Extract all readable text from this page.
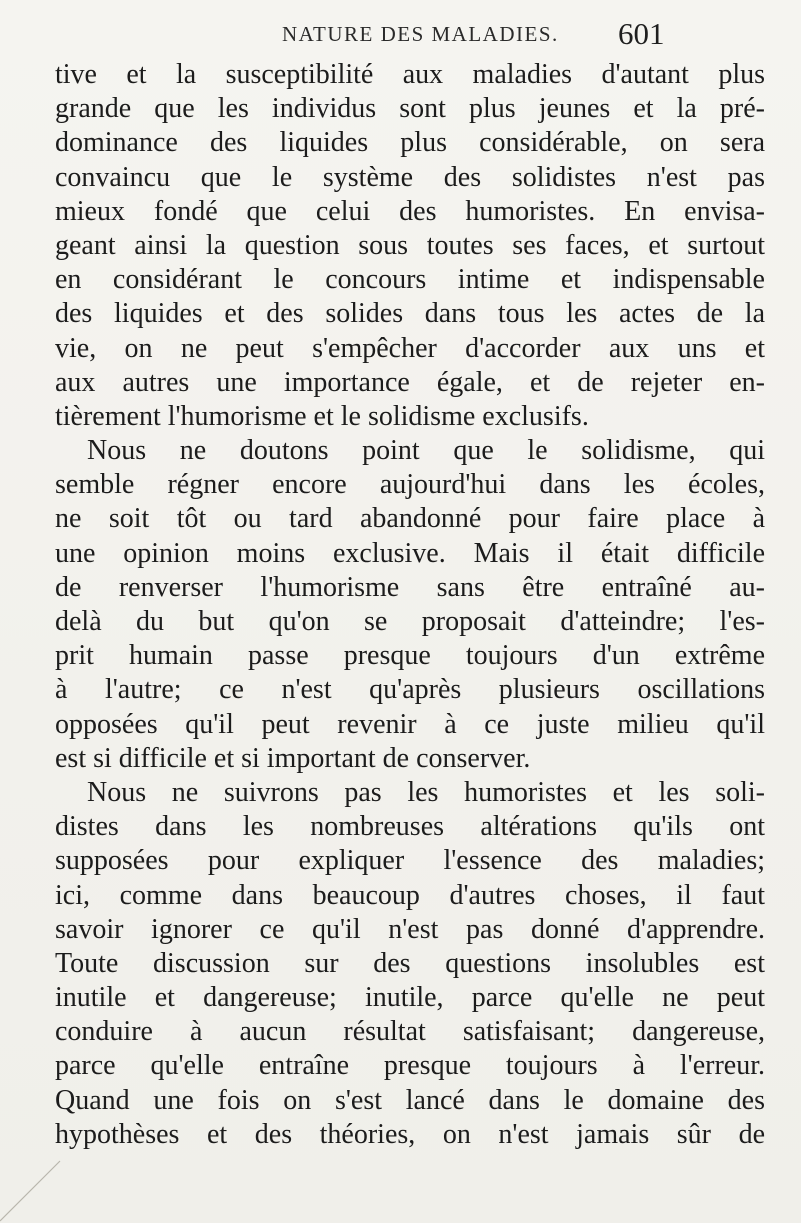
NATURE DES MALADIES. 601
tive et la susceptibilité aux maladies d'autant plus
grande que les individus sont plus jeunes et la pré-
dominance des liquides plus considérable, on sera
convaincu que le système des solidistes n'est pas
mieux fondé que celui des humoristes. En envisa-
geant ainsi la question sous toutes ses faces, et surtout
en considérant le concours intime et indispensable
des liquides et des solides dans tous les actes de la
vie, on ne peut s'empêcher d'accorder aux uns et
aux autres une importance égale, et de rejeter en-
tièrement l'humorisme et le solidisme exclusifs.
Nous ne doutons point que le solidisme, qui
semble régner encore aujourd'hui dans les écoles,
ne soit tôt ou tard abandonné pour faire place à
une opinion moins exclusive. Mais il était difficile
de renverser l'humorisme sans être entraîné au-
delà du but qu'on se proposait d'atteindre; l'es-
prit humain passe presque toujours d'un extrême
à l'autre; ce n'est qu'après plusieurs oscillations
opposées qu'il peut revenir à ce juste milieu qu'il
est si difficile et si important de conserver.
Nous ne suivrons pas les humoristes et les soli-
distes dans les nombreuses altérations qu'ils ont
supposées pour expliquer l'essence des maladies;
ici, comme dans beaucoup d'autres choses, il faut
savoir ignorer ce qu'il n'est pas donné d'apprendre.
Toute discussion sur des questions insolubles est
inutile et dangereuse; inutile, parce qu'elle ne peut
conduire à aucun résultat satisfaisant; dangereuse,
parce qu'elle entraîne presque toujours à l'erreur.
Quand une fois on s'est lancé dans le domaine des
hypothèses et des théories, on n'est jamais sûr de
